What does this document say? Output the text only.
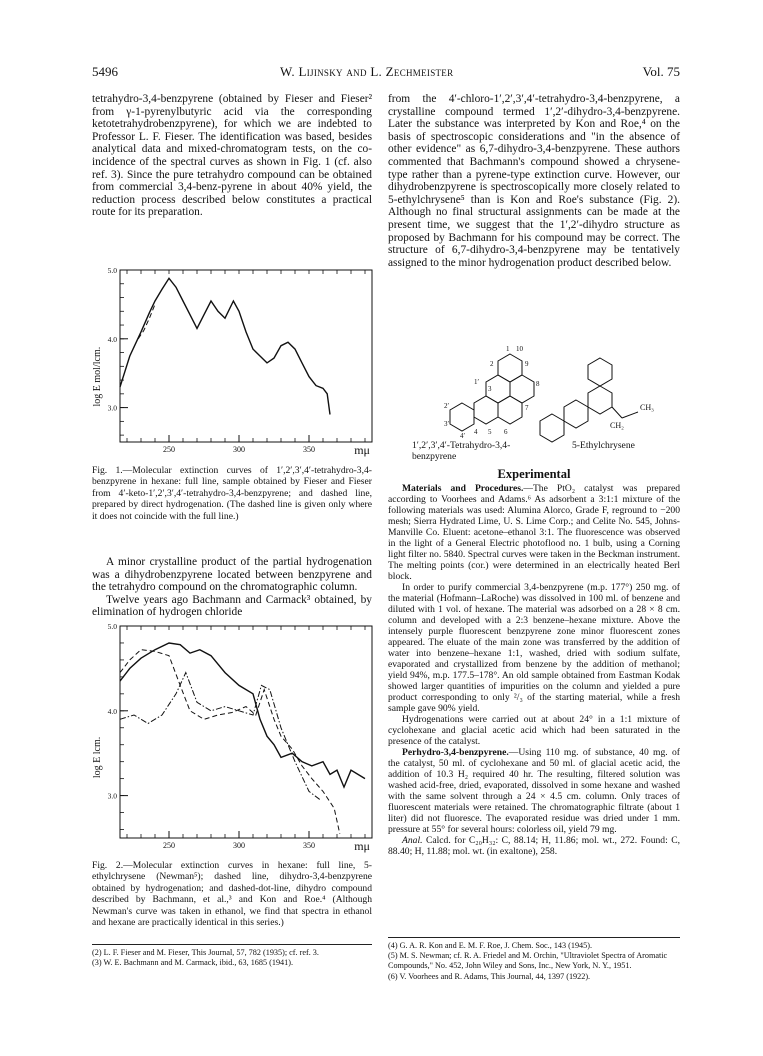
5496	W. Lijinsky and L. Zechmeister	Vol. 75

tetrahydro-3,4-benzpyrene (obtained by Fieser and Fieser² from γ-1-pyrenylbutyric acid via the corresponding ketotetrahydrobenzpyrene), for which we are indebted to Professor L. F. Fieser. The identification was based, besides analytical data and mixed-chromatogram tests, on the co-incidence of the spectral curves as shown in Fig. 1 (cf. also ref. 3). Since the pure tetrahydro compound can be obtained from commercial 3,4-benz-pyrene in about 40% yield, the reduction process described below constitutes a practical route for its preparation.

250	300	350	mμ
5.0
4.0
3.0
log E mol/lcm.

Fig. 1.—Molecular extinction curves of 1′,2′,3′,4′-tetrahydro-3,4-benzpyrene in hexane: full line, sample obtained by Fieser and Fieser from 4′-keto-1′,2′,3′,4′-tetrahydro-3,4-benzpyrene; and dashed line, prepared by direct hydrogenation. (The dashed line is given only where it does not coincide with the full line.)

A minor crystalline product of the partial hydrogenation was a dihydrobenzpyrene located between benzpyrene and the tetrahydro compound on the chromatographic column.

Twelve years ago Bachmann and Carmack³ obtained, by elimination of hydrogen chloride

250	300	350	mμ
5.0
4.0
3.0
log E lcm.

Fig. 2.—Molecular extinction curves in hexane: full line, 5-ethylchrysene (Newman⁵); dashed line, dihydro-3,4-benzpyrene obtained by hydrogenation; and dashed-dot-line, dihydro compound described by Bachmann, et al.,³ and Kon and Roe.⁴ (Although Newman's curve was taken in ethanol, we find that spectra in ethanol and hexane are practically identical in this series.)

(2) L. F. Fieser and M. Fieser, This Journal, 57, 782 (1935); cf. ref. 3.

(3) W. E. Bachmann and M. Carmack, ibid., 63, 1685 (1941).

from the 4′-chloro-1′,2′,3′,4′-tetrahydro-3,4-benzpyrene, a crystalline compound termed 1′,2′-dihydro-3,4-benzpyrene. Later the substance was interpreted by Kon and Roe,⁴ on the basis of spectroscopic considerations and "in the absence of other evidence" as 6,7-dihydro-3,4-benzpyrene. These authors commented that Bachmann's compound showed a chrysene-type rather than a pyrene-type extinction curve. However, our dihydrobenzpyrene is spectroscopically more closely related to 5-ethylchrysene⁵ than is Kon and Roe's substance (Fig. 2). Although no final structural assignments can be made at the present time, we suggest that the 1′,2′-dihydro structure as proposed by Bachmann for his compound may be correct. The structure of 6,7-dihydro-3,4-benzpyrene may be tentatively assigned to the minor hydrogenation product described below.

1 10
2	9
1′
3
8
2′
3′
4′ 4 5 6
7	CH₃
CH₂

1′,2′,3′,4′-Tetrahydro-3,4-benzpyrene

5-Ethylchrysene

Experimental

Materials and Procedures.—The PtO₂ catalyst was prepared according to Voorhees and Adams.⁶ As adsorbent a 3:1:1 mixture of the following materials was used: Alumina Alorco, Grade F, reground to −200 mesh; Sierra Hydrated Lime, U. S. Lime Corp.; and Celite No. 545, Johns-Manville Co. Eluent: acetone–ethanol 3:1. The fluorescence was observed in the light of a General Electric photoflood no. 1 bulb, using a Corning light filter no. 5840. Spectral curves were taken in the Beckman instrument. The melting points (cor.) were determined in an electrically heated Berl block.

In order to purify commercial 3,4-benzpyrene (m.p. 177°) 250 mg. of the material (Hofmann–LaRoche) was dissolved in 100 ml. of benzene and diluted with 1 vol. of hexane. The material was adsorbed on a 28 × 8 cm. column and developed with a 2:3 benzene–hexane mixture. Above the intensely purple fluorescent benzpyrene zone minor fluorescent zones appeared. The eluate of the main zone was transferred by the addition of water into benzene–hexane 1:1, washed, dried with sodium sulfate, evaporated and crystallized from benzene by the addition of methanol; yield 94%, m.p. 177.5–178°. An old sample obtained from Eastman Kodak showed larger quantities of impurities on the column and yielded a pure product corresponding to only ²/₃ of the starting material, while a fresh sample gave 90% yield.

Hydrogenations were carried out at about 24° in a 1:1 mixture of cyclohexane and glacial acetic acid which had been saturated in the presence of the catalyst.

Perhydro-3,4-benzpyrene.—Using 110 mg. of substance, 40 mg. of the catalyst, 50 ml. of cyclohexane and 50 ml. of glacial acetic acid, the addition of 10.3 H₂ required 40 hr. The resulting, filtered solution was washed acid-free, dried, evaporated, dissolved in some hexane and washed with the same solvent through a 24 × 4.5 cm. column. Only traces of fluorescent materials were retained. The chromatographic filtrate (about 1 liter) did not fluoresce. The evaporated residue was dried under 1 mm. pressure at 55° for several hours: colorless oil, yield 79 mg.

Anal. Calcd. for C₂₀H₃₂: C, 88.14; H, 11.86; mol. wt., 272. Found: C, 88.40; H, 11.88; mol. wt. (in exaltone), 258.

(4) G. A. R. Kon and E. M. F. Roe, J. Chem. Soc., 143 (1945).

(5) M. S. Newman; cf. R. A. Friedel and M. Orchin, "Ultraviolet Spectra of Aromatic Compounds," No. 452, John Wiley and Sons, Inc., New York, N. Y., 1951.

(6) V. Voorhees and R. Adams, This Journal, 44, 1397 (1922).
